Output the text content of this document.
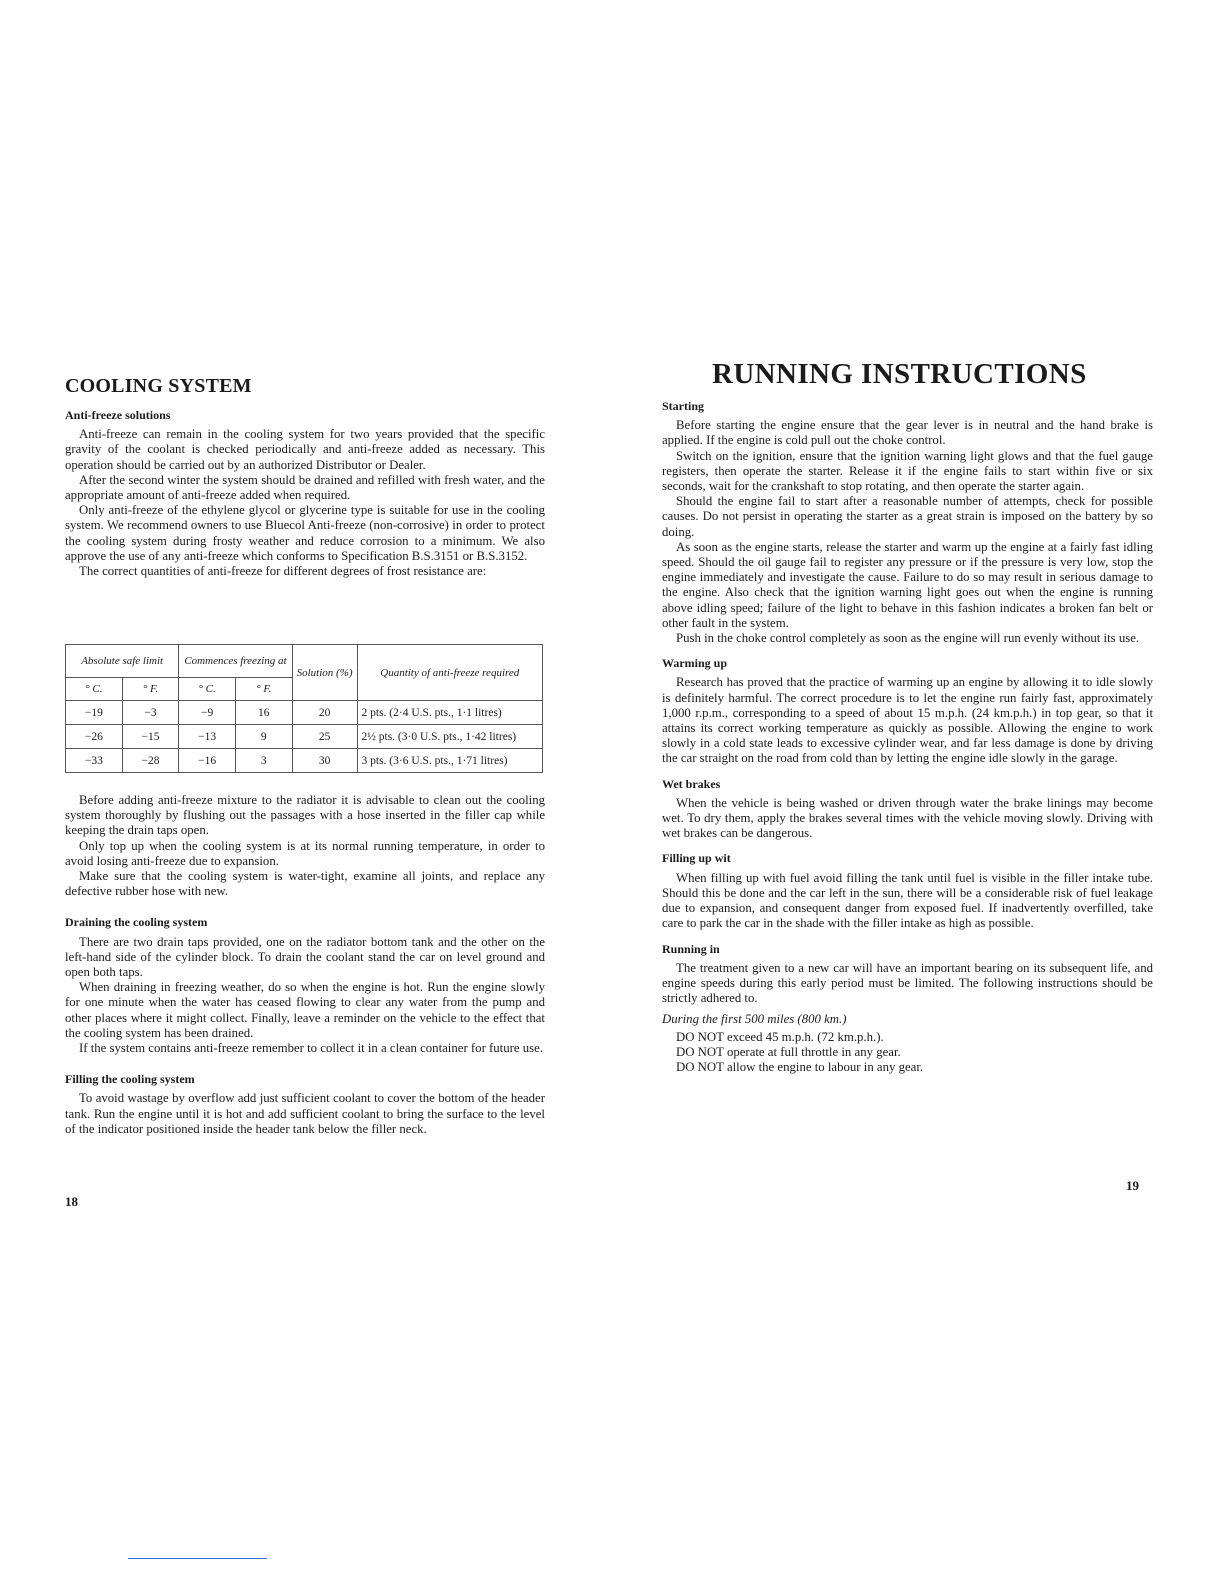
COOLING SYSTEM
Anti-freeze solutions

Anti-freeze can remain in the cooling system for two years provided that the specific gravity of the coolant is checked periodically and anti-freeze added as necessary. This operation should be carried out by an authorized Distributor or Dealer.

After the second winter the system should be drained and refilled with fresh water, and the appropriate amount of anti-freeze added when required.

Only anti-freeze of the ethylene glycol or glycerine type is suitable for use in the cooling system. We recommend owners to use Bluecol Anti-freeze (non-corrosive) in order to protect the cooling system during frosty weather and reduce corrosion to a minimum. We also approve the use of any anti-freeze which conforms to Specification B.S.3151 or B.S.3152.

The correct quantities of anti-freeze for different degrees of frost resistance are:

Absolute safe limit		Commences freezing at		Solution (%)	Quantity of anti-freeze required
° C.	° F.	° C.	° F.		
−19	−3	−9	16	20	2 pts. (2·4 U.S. pts., 1·1 litres)
−26	−15	−13	9	25	2½ pts. (3·0 U.S. pts., 1·42 litres)
−33	−28	−16	3	30	3 pts. (3·6 U.S. pts., 1·71 litres)

Before adding anti-freeze mixture to the radiator it is advisable to clean out the cooling system thoroughly by flushing out the passages with a hose inserted in the filler cap while keeping the drain taps open.

Only top up when the cooling system is at its normal running temperature, in order to avoid losing anti-freeze due to expansion.

Make sure that the cooling system is water-tight, examine all joints, and replace any defective rubber hose with new.

Draining the cooling system

There are two drain taps provided, one on the radiator bottom tank and the other on the left-hand side of the cylinder block. To drain the coolant stand the car on level ground and open both taps.

When draining in freezing weather, do so when the engine is hot. Run the engine slowly for one minute when the water has ceased flowing to clear any water from the pump and other places where it might collect. Finally, leave a reminder on the vehicle to the effect that the cooling system has been drained.

If the system contains anti-freeze remember to collect it in a clean container for future use.

Filling the cooling system

To avoid wastage by overflow add just sufficient coolant to cover the bottom of the header tank. Run the engine until it is hot and add sufficient coolant to bring the surface to the level of the indicator positioned inside the header tank below the filler neck.

18
RUNNING INSTRUCTIONS
Starting

Before starting the engine ensure that the gear lever is in neutral and the hand brake is applied. If the engine is cold pull out the choke control.

Switch on the ignition, ensure that the ignition warning light glows and that the fuel gauge registers, then operate the starter. Release it if the engine fails to start within five or six seconds, wait for the crankshaft to stop rotating, and then operate the starter again.

Should the engine fail to start after a reasonable number of attempts, check for possible causes. Do not persist in operating the starter as a great strain is imposed on the battery by so doing.

As soon as the engine starts, release the starter and warm up the engine at a fairly fast idling speed. Should the oil gauge fail to register any pressure or if the pressure is very low, stop the engine immediately and investigate the cause. Failure to do so may result in serious damage to the engine. Also check that the ignition warning light goes out when the engine is running above idling speed; failure of the light to behave in this fashion indicates a broken fan belt or other fault in the system.

Push in the choke control completely as soon as the engine will run evenly without its use.

Warming up

Research has proved that the practice of warming up an engine by allowing it to idle slowly is definitely harmful. The correct procedure is to let the engine run fairly fast, approximately 1,000 r.p.m., corresponding to a speed of about 15 m.p.h. (24 km.p.h.) in top gear, so that it attains its correct working temperature as quickly as possible. Allowing the engine to work slowly in a cold state leads to excessive cylinder wear, and far less damage is done by driving the car straight on the road from cold than by letting the engine idle slowly in the garage.

Wet brakes

When the vehicle is being washed or driven through water the brake linings may become wet. To dry them, apply the brakes several times with the vehicle moving slowly. Driving with wet brakes can be dangerous.

Filling up wit

When filling up with fuel avoid filling the tank until fuel is visible in the filler intake tube. Should this be done and the car left in the sun, there will be a considerable risk of fuel leakage due to expansion, and consequent danger from exposed fuel. If inadvertently overfilled, take care to park the car in the shade with the filler intake as high as possible.

Running in

The treatment given to a new car will have an important bearing on its subsequent life, and engine speeds during this early period must be limited. The following instructions should be strictly adhered to.

During the first 500 miles (800 km.)

DO NOT exceed 45 m.p.h. (72 km.p.h.).

DO NOT operate at full throttle in any gear.

DO NOT allow the engine to labour in any gear.

19
